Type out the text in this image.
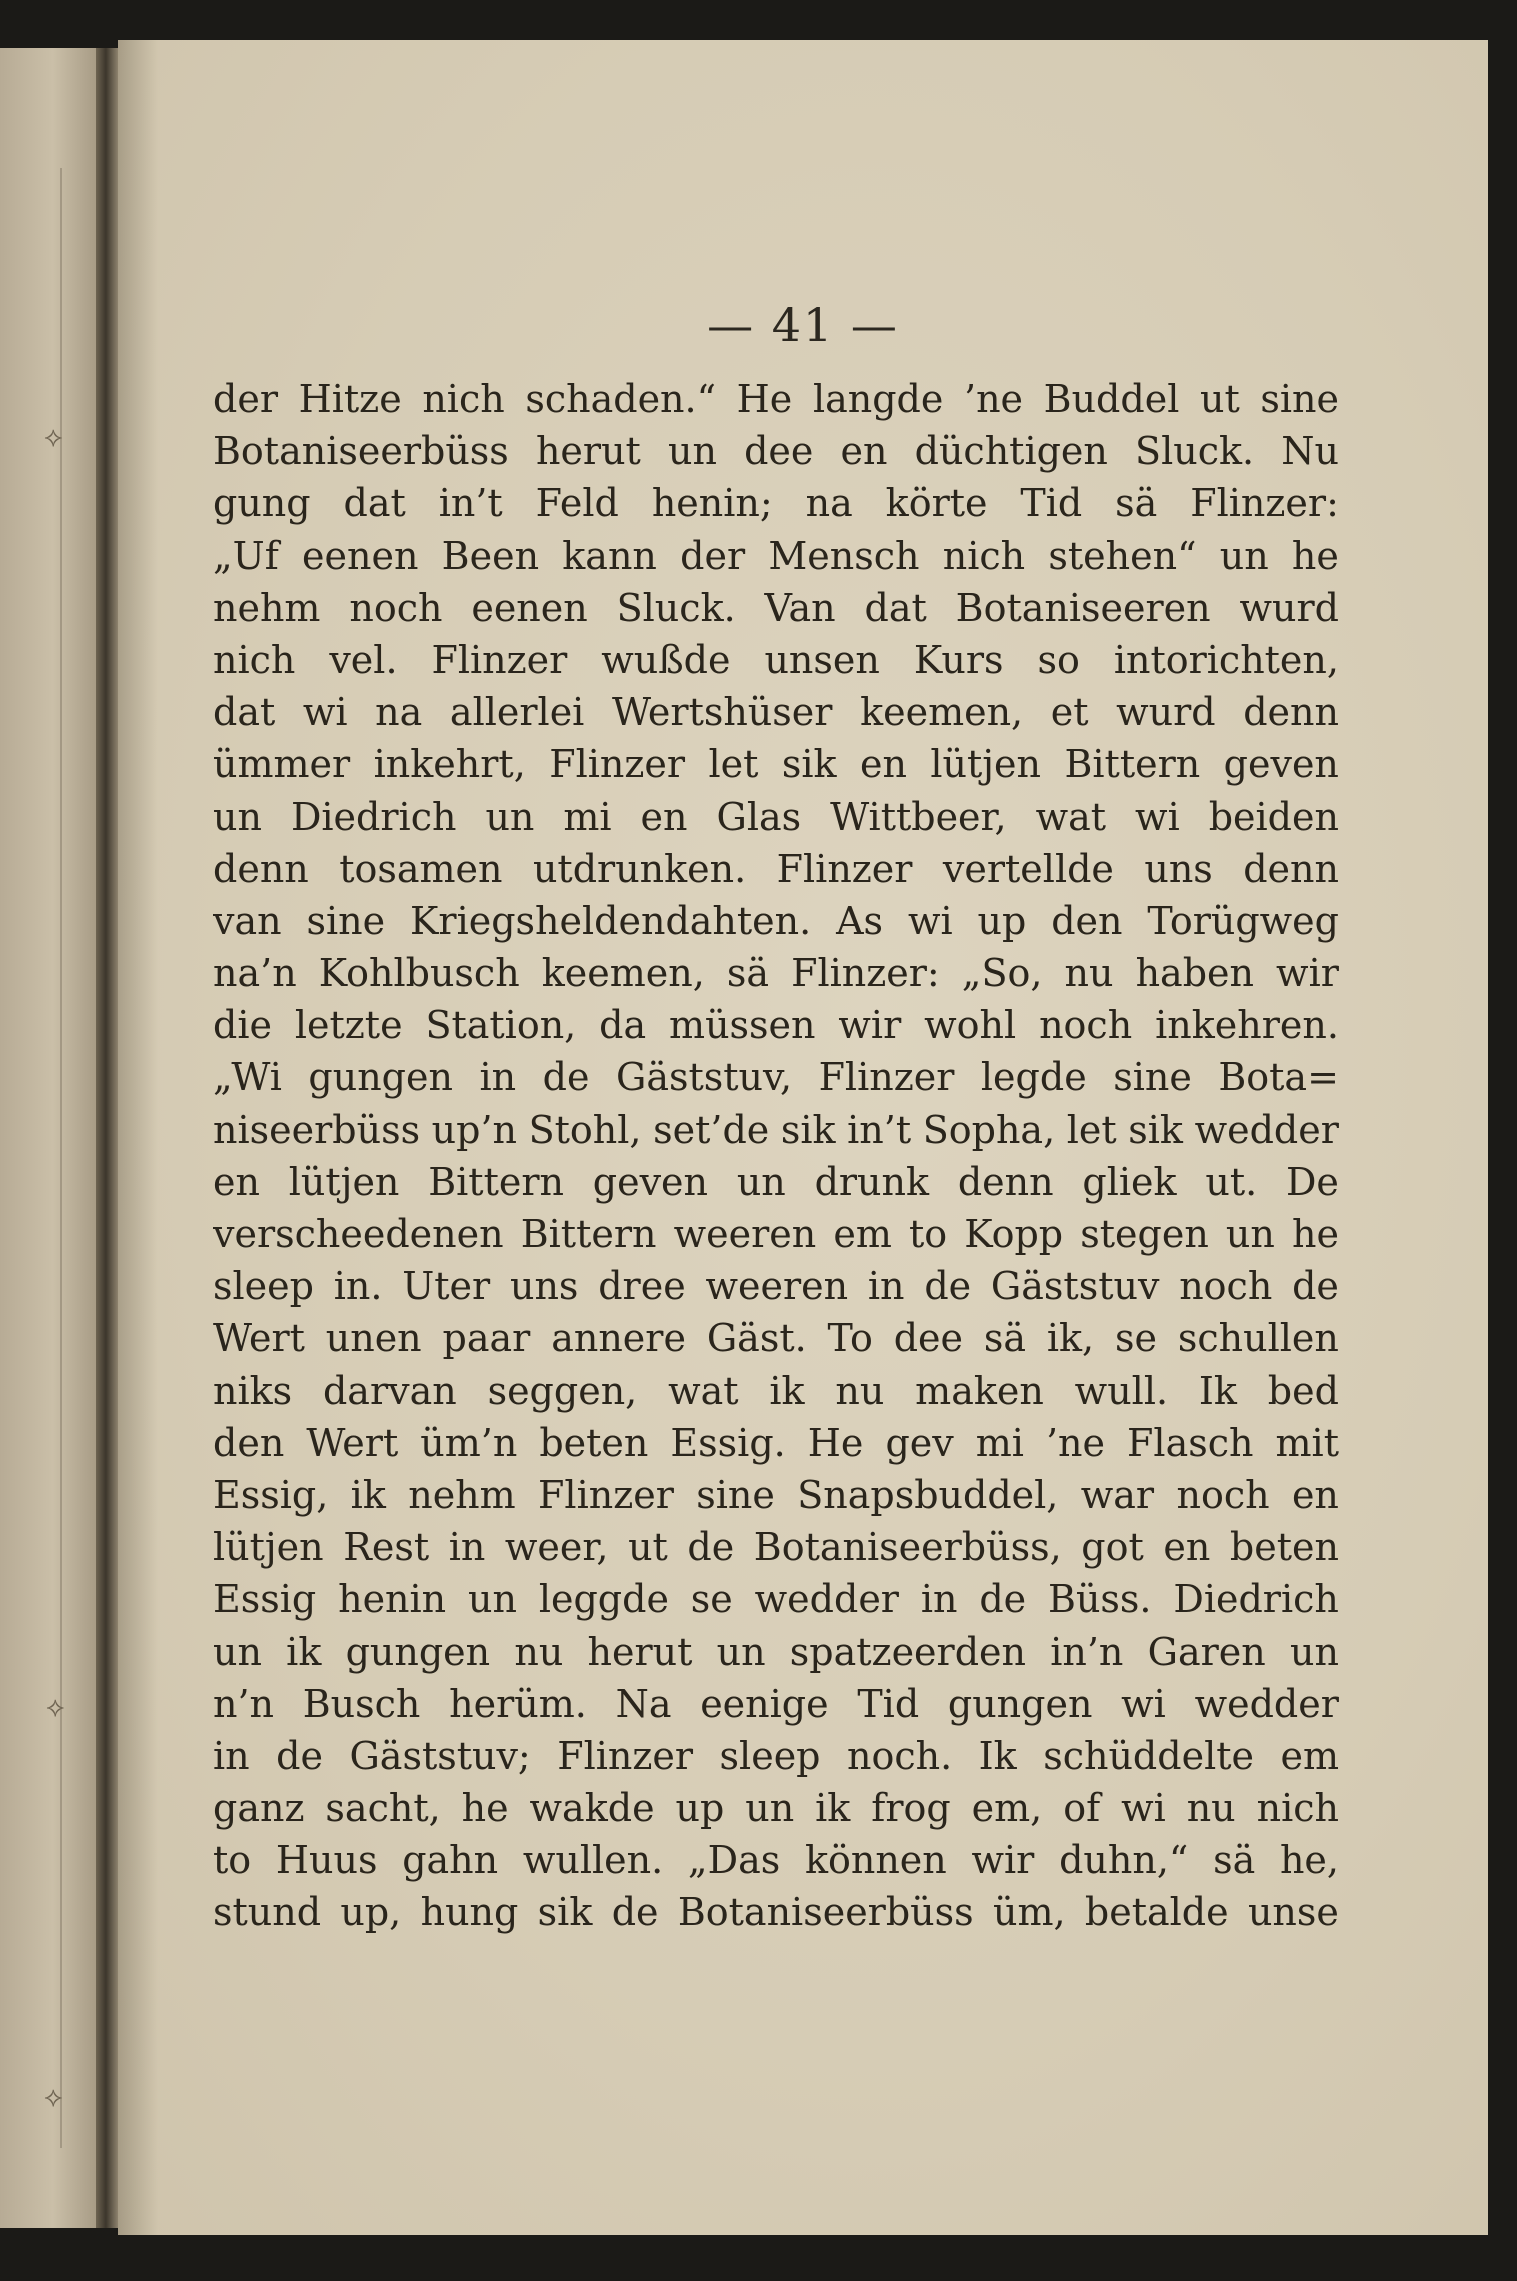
⟡
⟡
⟡
— 41 —
der Hitze nich schaden.“ He langde ’ne Buddel ut sine
Botaniseerbüss herut un dee en düchtigen Sluck. Nu
gung dat in’t Feld henin; na körte Tid sä Flinzer:
„Uf eenen Been kann der Mensch nich stehen“ un he
nehm noch eenen Sluck. Van dat Botaniseeren wurd
nich vel. Flinzer wußde unsen Kurs so intorichten,
dat wi na allerlei Wertshüser keemen, et wurd denn
ümmer inkehrt, Flinzer let sik en lütjen Bittern geven
un Diedrich un mi en Glas Wittbeer, wat wi beiden
denn tosamen utdrunken. Flinzer vertellde uns denn
van sine Kriegsheldendahten. As wi up den Torügweg
na’n Kohlbusch keemen, sä Flinzer: „So, nu haben wir
die letzte Station, da müssen wir wohl noch inkehren.
„Wi gungen in de Gäststuv, Flinzer legde sine Bota=
niseerbüss up’n Stohl, set’de sik in’t Sopha, let sik wedder
en lütjen Bittern geven un drunk denn gliek ut. De
verscheedenen Bittern weeren em to Kopp stegen un he
sleep in. Uter uns dree weeren in de Gäststuv noch de
Wert unen paar annere Gäst. To dee sä ik, se schullen
niks darvan seggen, wat ik nu maken wull. Ik bed
den Wert üm’n beten Essig. He gev mi ’ne Flasch mit
Essig, ik nehm Flinzer sine Snapsbuddel, war noch en
lütjen Rest in weer, ut de Botaniseerbüss, got en beten
Essig henin un leggde se wedder in de Büss. Diedrich
un ik gungen nu herut un spatzeerden in’n Garen un
n’n Busch herüm. Na eenige Tid gungen wi wedder
in de Gäststuv; Flinzer sleep noch. Ik schüddelte em
ganz sacht, he wakde up un ik frog em, of wi nu nich
to Huus gahn wullen. „Das können wir duhn,“ sä he,
stund up, hung sik de Botaniseerbüss üm, betalde unse
